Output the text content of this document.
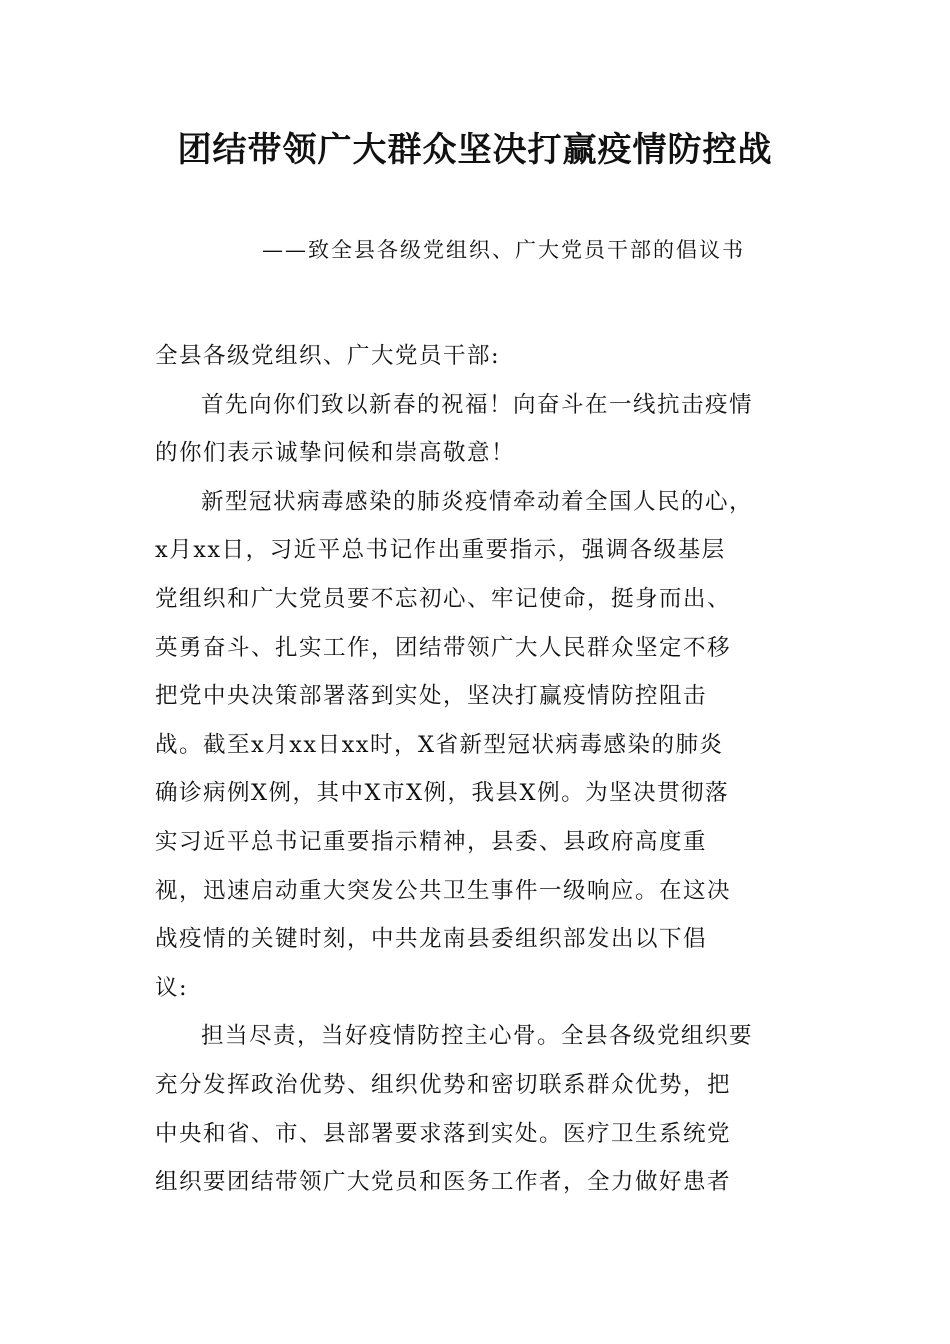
团结带领广大群众坚决打赢疫情防控战
——致全县各级党组织、广大党员干部的倡议书
全县各级党组织、广大党员干部:
首先向你们致以新春的祝福！向奋斗在一线抗击疫情
的你们表示诚挚问候和崇高敬意！
新型冠状病毒感染的肺炎疫情牵动着全国人民的心，
x月xx日，习近平总书记作出重要指示，强调各级基层
党组织和广大党员要不忘初心、牢记使命，挺身而出、
英勇奋斗、扎实工作，团结带领广大人民群众坚定不移
把党中央决策部署落到实处，坚决打赢疫情防控阻击
战。截至x月xx日xx时，X省新型冠状病毒感染的肺炎
确诊病例X例，其中X市X例，我县X例。为坚决贯彻落
实习近平总书记重要指示精神，县委、县政府高度重
视，迅速启动重大突发公共卫生事件一级响应。在这决
战疫情的关键时刻，中共龙南县委组织部发出以下倡
议:
担当尽责，当好疫情防控主心骨。全县各级党组织要
充分发挥政治优势、组织优势和密切联系群众优势，把
中央和省、市、县部署要求落到实处。医疗卫生系统党
组织要团结带领广大党员和医务工作者，全力做好患者
